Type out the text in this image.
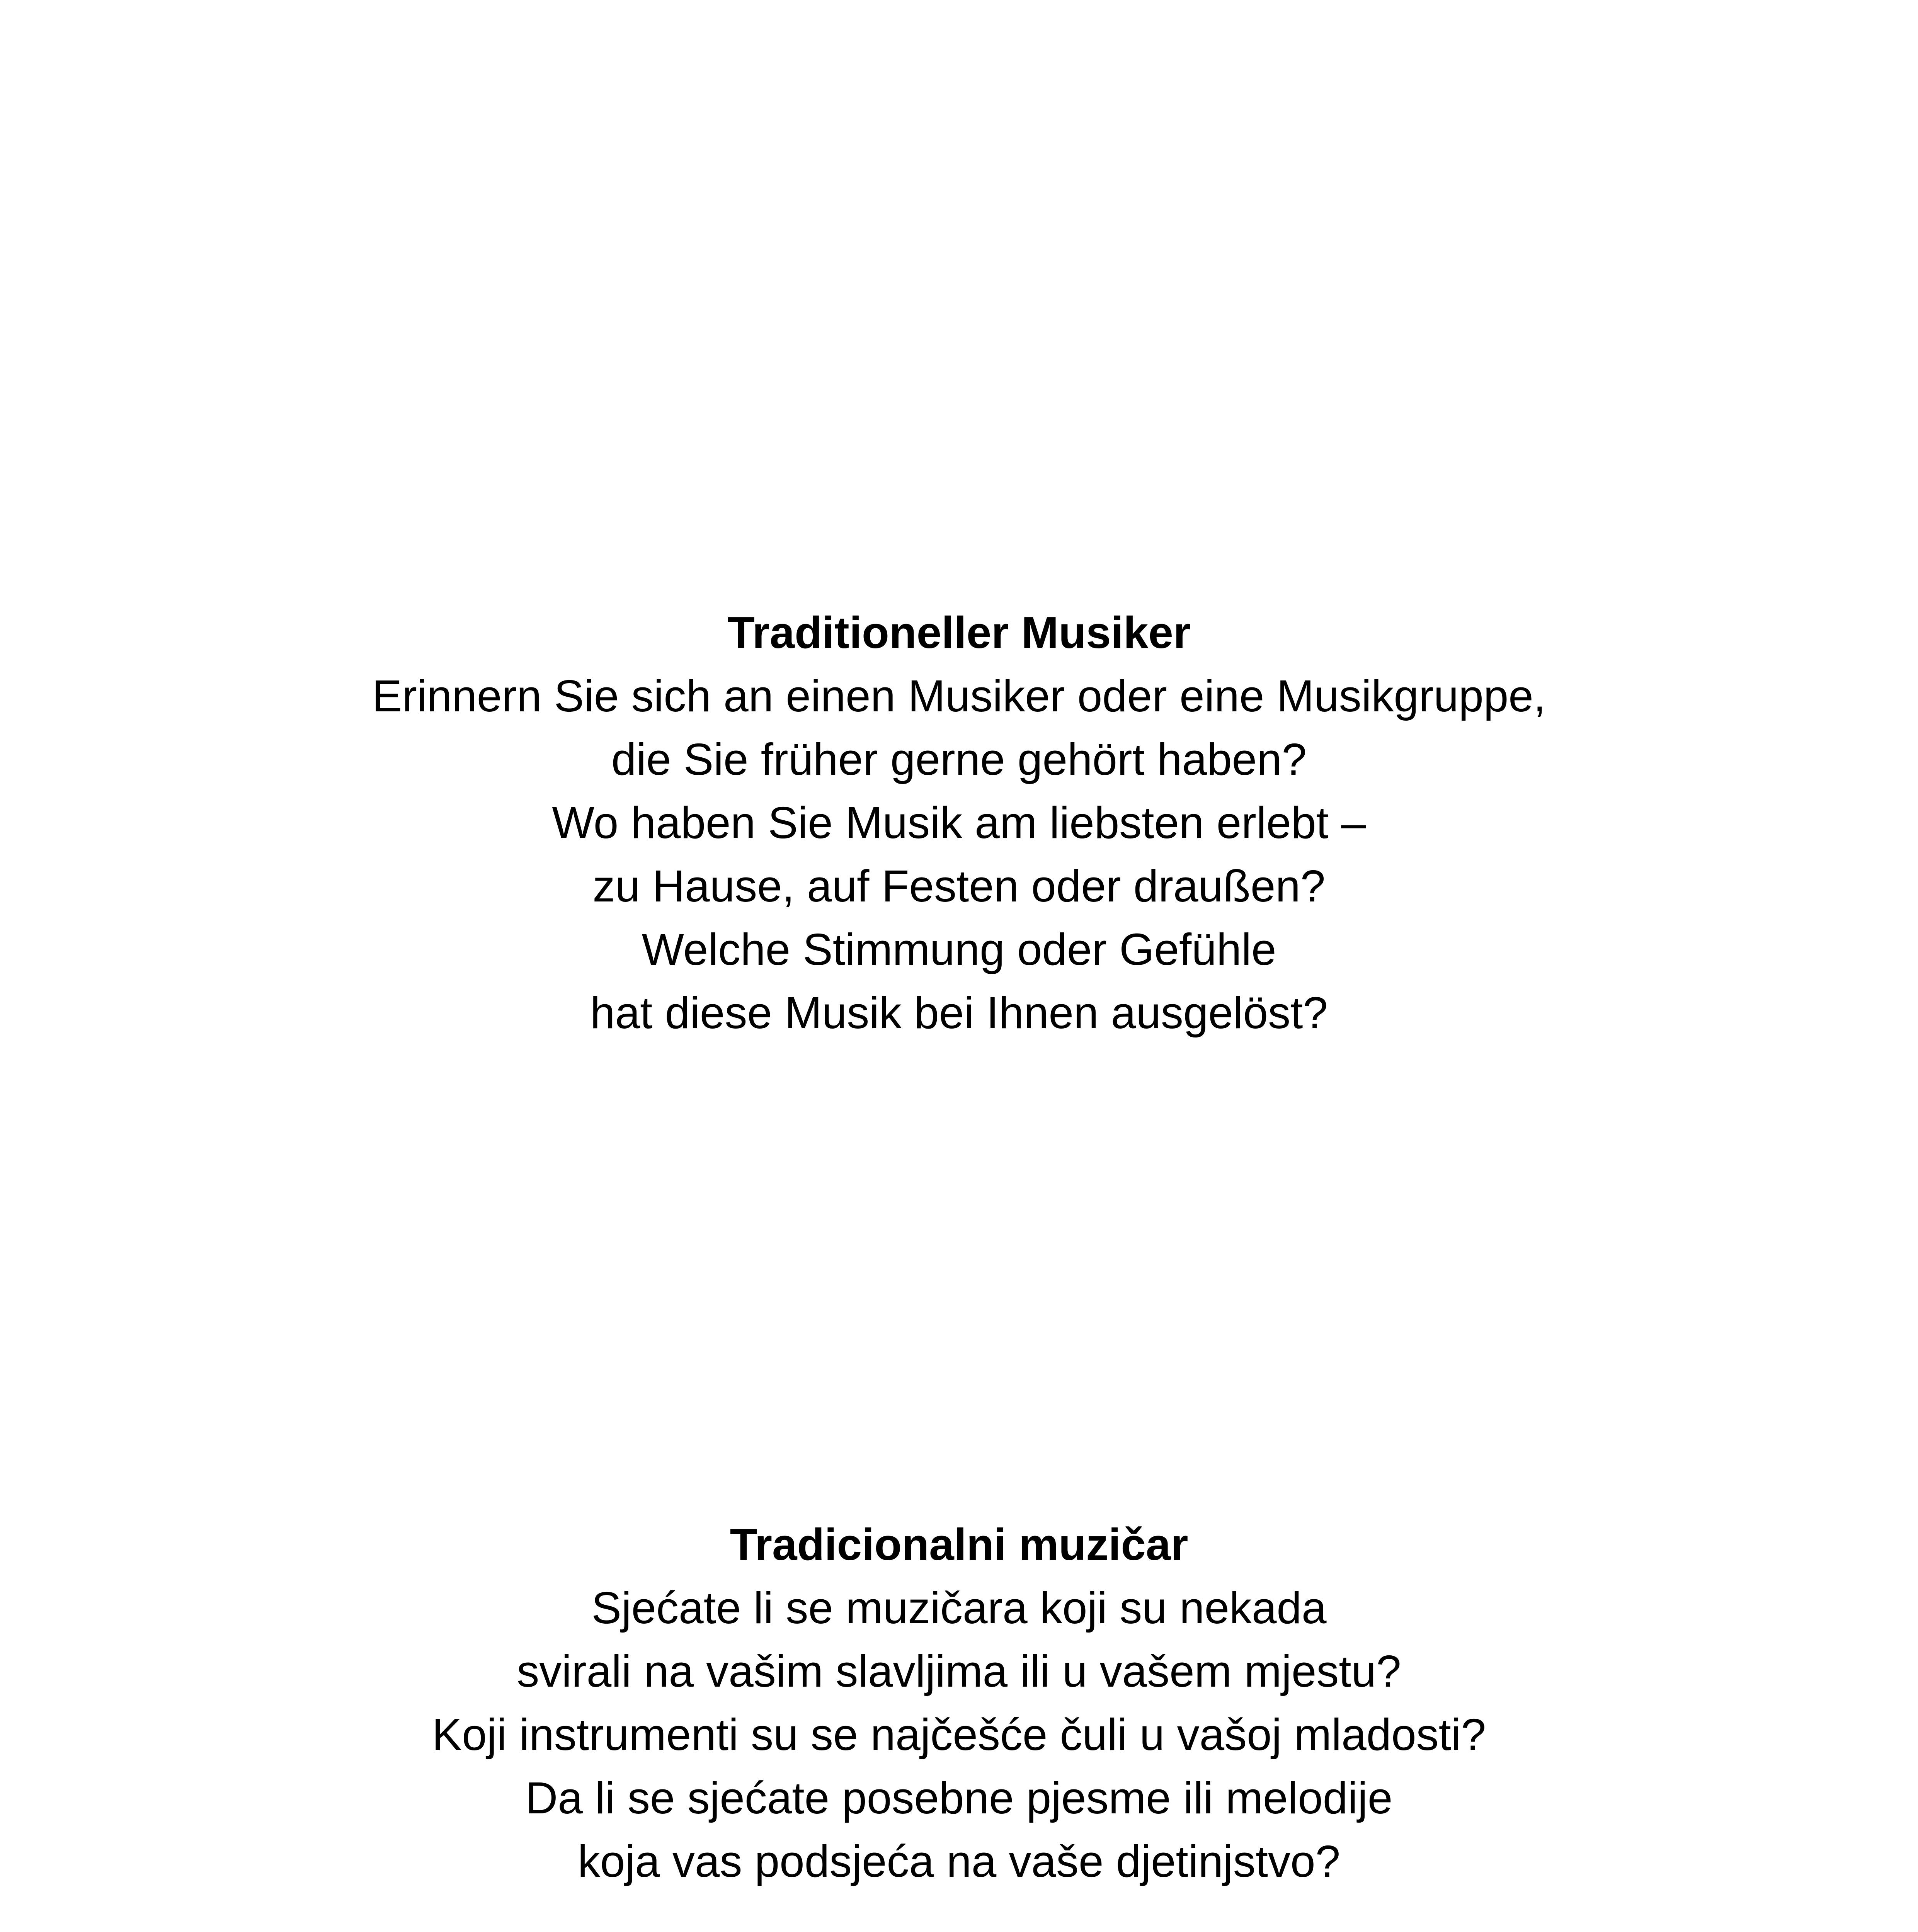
Traditioneller Musiker
Erinnern Sie sich an einen Musiker oder eine Musikgruppe,
die Sie früher gerne gehört haben?
Wo haben Sie Musik am liebsten erlebt –
zu Hause, auf Festen oder draußen?
Welche Stimmung oder Gefühle
hat diese Musik bei Ihnen ausgelöst?
Tradicionalni muzičar
Sjećate li se muzičara koji su nekada
svirali na vašim slavljima ili u vašem mjestu?
Koji instrumenti su se najčešće čuli u vašoj mladosti?
Da li se sjećate posebne pjesme ili melodije
koja vas podsjeća na vaše djetinjstvo?
